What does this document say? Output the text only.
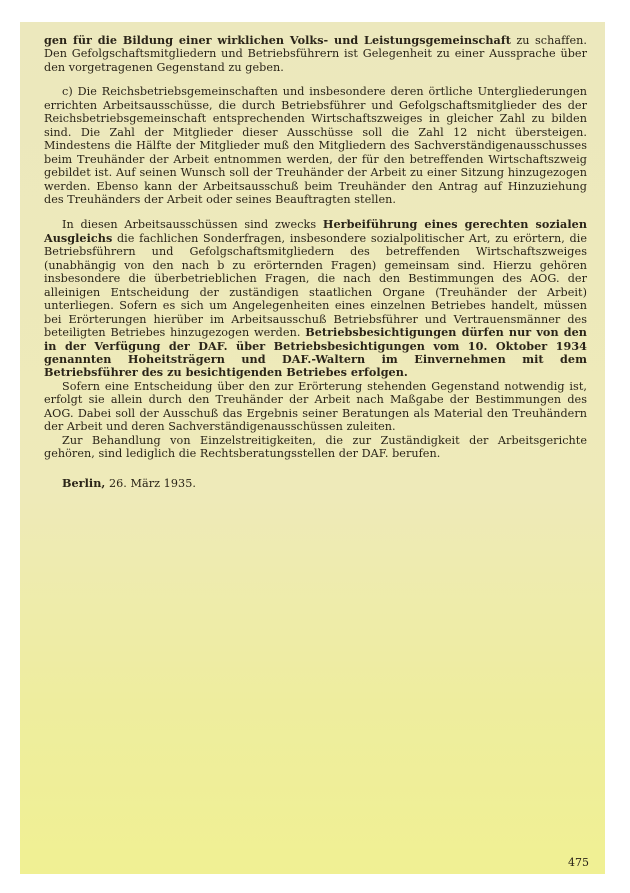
gen für die Bildung einer wirklichen Volks- und Leistungsgemeinschaft zu schaffen. Den Gefolgschaftsmitgliedern und Betriebsführern ist Gelegenheit zu einer Aussprache über den vorgetragenen Gegenstand zu geben.

c) Die Reichsbetriebsgemeinschaften und insbesondere deren örtliche Untergliederungen errichten Arbeitsausschüsse, die durch Betriebsführer und Gefolgschaftsmitglieder des der Reichsbetriebsgemeinschaft entsprechenden Wirtschaftszweiges in gleicher Zahl zu bilden sind. Die Zahl der Mitglieder dieser Ausschüsse soll die Zahl 12 nicht übersteigen. Mindestens die Hälfte der Mitglieder muß den Mitgliedern des Sachverständigenausschusses beim Treuhänder der Arbeit entnommen werden, der für den betreffenden Wirtschaftszweig gebildet ist. Auf seinen Wunsch soll der Treuhänder der Arbeit zu einer Sitzung hinzugezogen werden. Ebenso kann der Arbeitsausschuß beim Treuhänder den Antrag auf Hinzuziehung des Treuhänders der Arbeit oder seines Beauftragten stellen.

In diesen Arbeitsausschüssen sind zwecks Herbeiführung eines gerechten sozialen Ausgleichs die fachlichen Sonderfragen, insbesondere sozialpolitischer Art, zu erörtern, die Betriebsführern und Gefolgschaftsmitgliedern des betreffenden Wirtschaftszweiges (unabhängig von den nach b zu erörternden Fragen) gemeinsam sind. Hierzu gehören insbesondere die überbetrieblichen Fragen, die nach den Bestimmungen des AOG. der alleinigen Entscheidung der zuständigen staatlichen Organe (Treuhänder der Arbeit) unterliegen. Sofern es sich um Angelegenheiten eines einzelnen Betriebes handelt, müssen bei Erörterungen hierüber im Arbeitsausschuß Betriebsführer und Vertrauensmänner des beteiligten Betriebes hinzugezogen werden. Betriebsbesichtigungen dürfen nur von den in der Verfügung der DAF. über Betriebsbesichtigungen vom 10. Oktober 1934 genannten Hoheitsträgern und DAF.-Waltern im Einvernehmen mit dem Betriebsführer des zu besichtigenden Betriebes erfolgen.

Sofern eine Entscheidung über den zur Erörterung stehenden Gegenstand notwendig ist, erfolgt sie allein durch den Treuhänder der Arbeit nach Maßgabe der Bestimmungen des AOG. Dabei soll der Ausschuß das Ergebnis seiner Beratungen als Material den Treuhändern der Arbeit und deren Sachverständigenausschüssen zuleiten.

Zur Behandlung von Einzelstreitigkeiten, die zur Zuständigkeit der Arbeitsgerichte gehören, sind lediglich die Rechtsberatungsstellen der DAF. berufen.

Berlin, 26. März 1935.

475
